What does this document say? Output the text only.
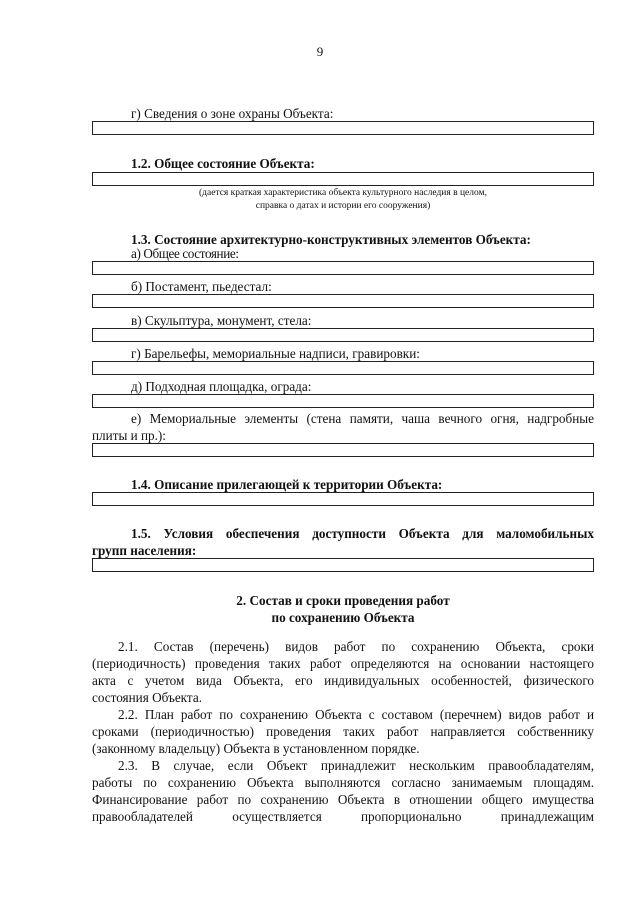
9
г) Сведения о зоне охраны Объекта:
1.2. Общее состояние Объекта:
(дается краткая характеристика объекта культурного наследия в целом,
справка о датах и истории его сооружения)
1.3. Состояние архитектурно-конструктивных элементов Объекта:
а) Общее состояние:
б) Постамент, пьедестал:
в) Скульптура, монумент, стела:
г) Барельефы, мемориальные надписи, гравировки:
д) Подходная площадка, ограда:
е) Мемориальные элементы (стена памяти, чаша вечного огня, надгробные
плиты и пр.):
1.4. Описание прилегающей к территории Объекта:
1.5. Условия обеспечения доступности Объекта для маломобильных
групп населения:
2. Состав и сроки проведения работ
по сохранению Объекта
2.1. Состав (перечень) видов работ по сохранению Объекта, сроки
(периодичность) проведения таких работ определяются на основании настоящего
акта с учетом вида Объекта, его индивидуальных особенностей, физического
состояния Объекта.
2.2. План работ по сохранению Объекта с составом (перечнем) видов работ и
сроками (периодичностью) проведения таких работ направляется собственнику
(законному владельцу) Объекта в установленном порядке.
2.3. В случае, если Объект принадлежит нескольким правообладателям,
работы по сохранению Объекта выполняются согласно занимаемым площадям.
Финансирование работ по сохранению Объекта в отношении общего имущества
правообладателей осуществляется пропорционально принадлежащим
